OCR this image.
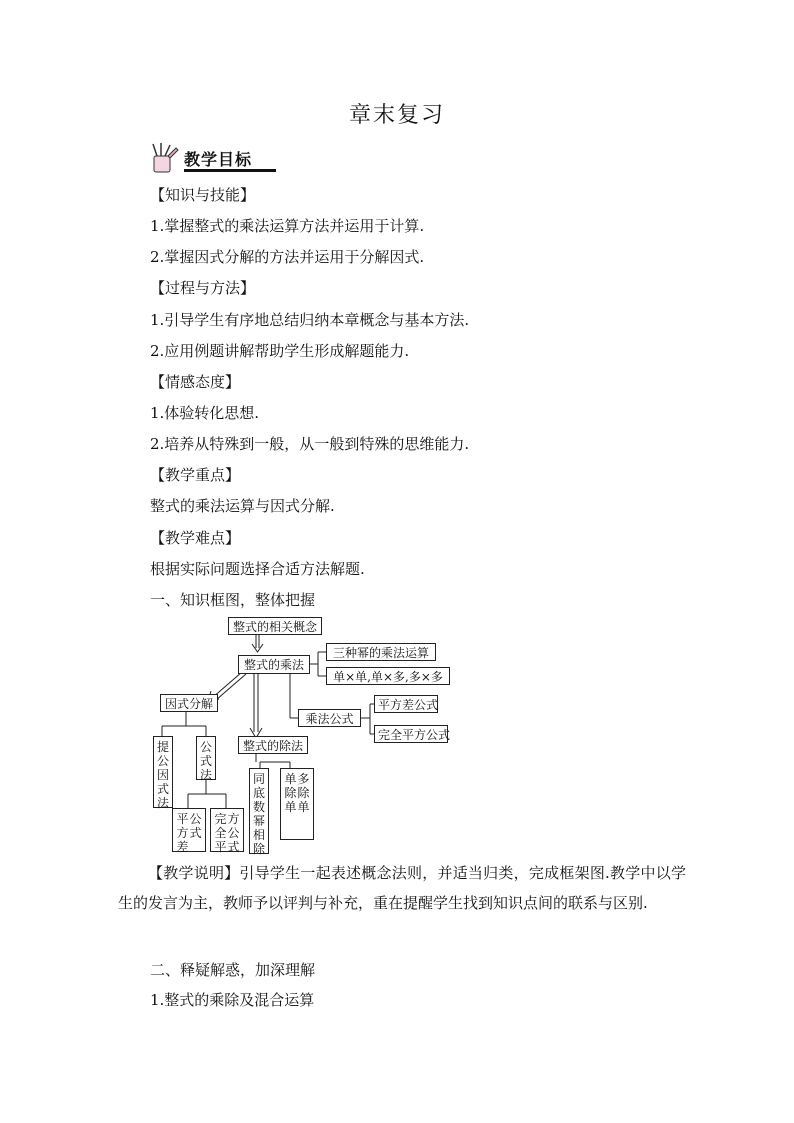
章末复习
教学目标
【知识与技能】
1.掌握整式的乘法运算方法并运用于计算.
2.掌握因式分解的方法并运用于分解因式.
【过程与方法】
1.引导学生有序地总结归纳本章概念与基本方法.
2.应用例题讲解帮助学生形成解题能力.
【情感态度】
1.体验转化思想.
2.培养从特殊到一般，从一般到特殊的思维能力.
【教学重点】
整式的乘法运算与因式分解.
【教学难点】
根据实际问题选择合适方法解题.
一、知识框图，整体把握
整式的相关概念
整式的乘法
三种幂的乘法运算
单×单,单×多,多×多
因式分解
乘法公式
平方差公式
完全平方公式
整式的除法
提
公
因
式
法
公
式
法
平
方
差
公
式
完
全
平
方
公
式
同
底
数
幂
相
除
单
除
单
多
除
单
【教学说明】引导学生一起表述概念法则，并适当归类，完成框架图.教学中以学生的发言为主，教师予以评判与补充，重在提醒学生找到知识点间的联系与区别.
二、释疑解惑，加深理解
1.整式的乘除及混合运算
